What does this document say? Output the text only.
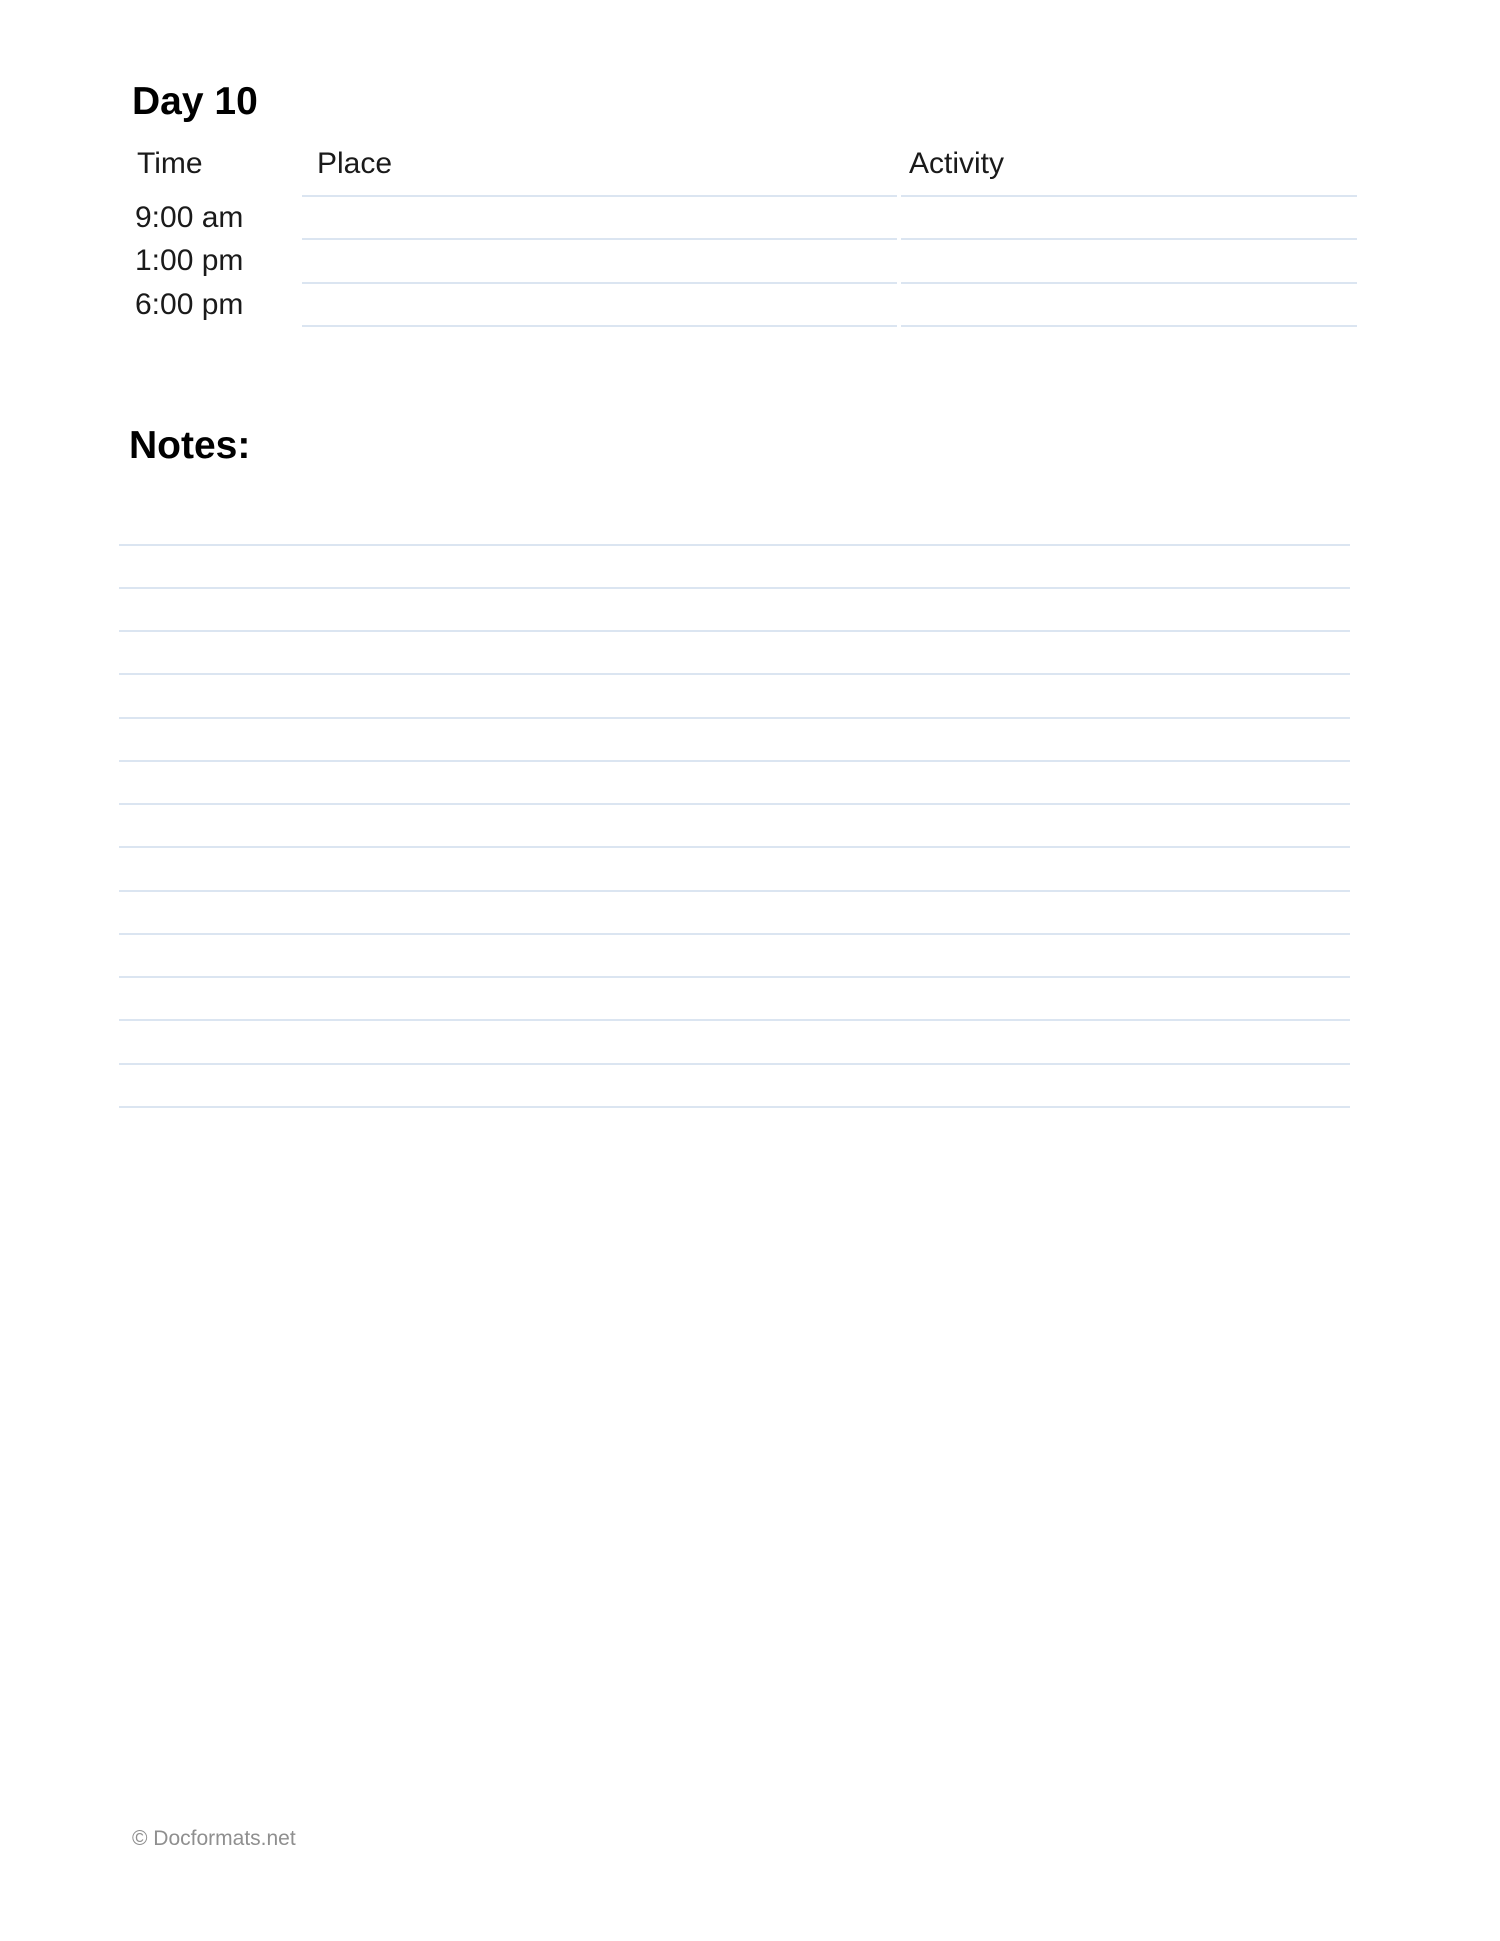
Day 10
Time	Place	Activity
9:00 am
1:00 pm
6:00 pm
Notes:
© Docformats.net
